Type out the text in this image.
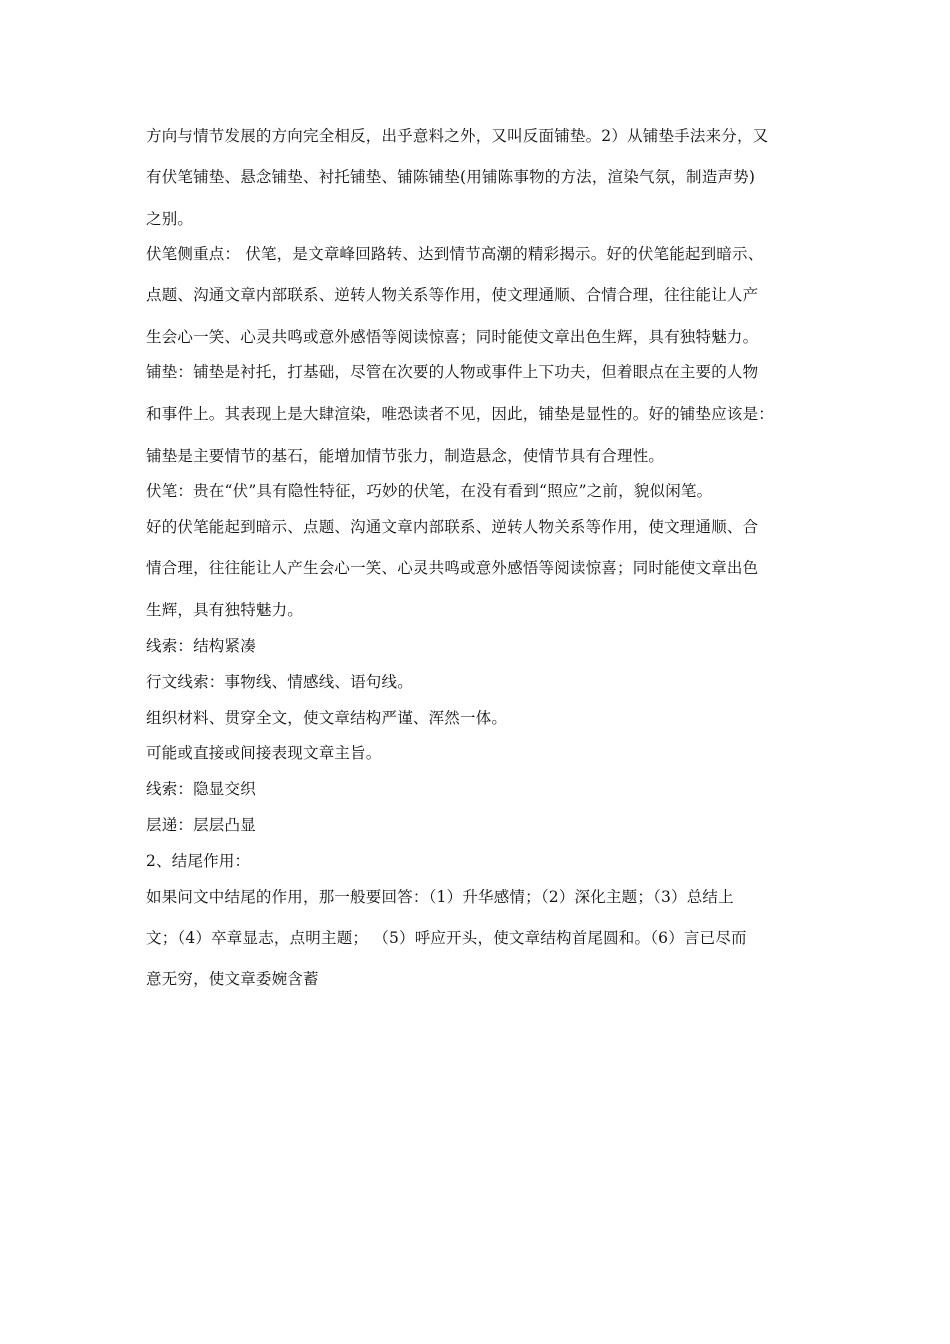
方向与情节发展的方向完全相反，出乎意料之外，又叫反面铺垫。2）从铺垫手法来分，又
有伏笔铺垫、悬念铺垫、衬托铺垫、铺陈铺垫(用铺陈事物的方法，渲染气氛，制造声势)
之别。
伏笔侧重点： 伏笔，是文章峰回路转、达到情节高潮的精彩揭示。好的伏笔能起到暗示、
点题、沟通文章内部联系、逆转人物关系等作用，使文理通顺、合情合理，往往能让人产
生会心一笑、心灵共鸣或意外感悟等阅读惊喜；同时能使文章出色生辉，具有独特魅力。
铺垫：铺垫是衬托，打基础，尽管在次要的人物或事件上下功夫，但着眼点在主要的人物
和事件上。其表现上是大肆渲染，唯恐读者不见，因此，铺垫是显性的。好的铺垫应该是：
铺垫是主要情节的基石，能增加情节张力，制造悬念，使情节具有合理性。
伏笔：贵在“伏”具有隐性特征，巧妙的伏笔，在没有看到“照应”之前，貌似闲笔。
好的伏笔能起到暗示、点题、沟通文章内部联系、逆转人物关系等作用，使文理通顺、合
情合理，往往能让人产生会心一笑、心灵共鸣或意外感悟等阅读惊喜；同时能使文章出色
生辉，具有独特魅力。
线索：结构紧凑
行文线索：事物线、情感线、语句线。
组织材料、贯穿全文，使文章结构严谨、浑然一体。
可能或直接或间接表现文章主旨。
线索：隐显交织
层递：层层凸显
2、结尾作用：
如果问文中结尾的作用，那一般要回答：（1）升华感情；（2）深化主题；（3）总结上
文；（4）卒章显志，点明主题； （5）呼应开头，使文章结构首尾圆和。（6）言已尽而
意无穷，使文章委婉含蓄
